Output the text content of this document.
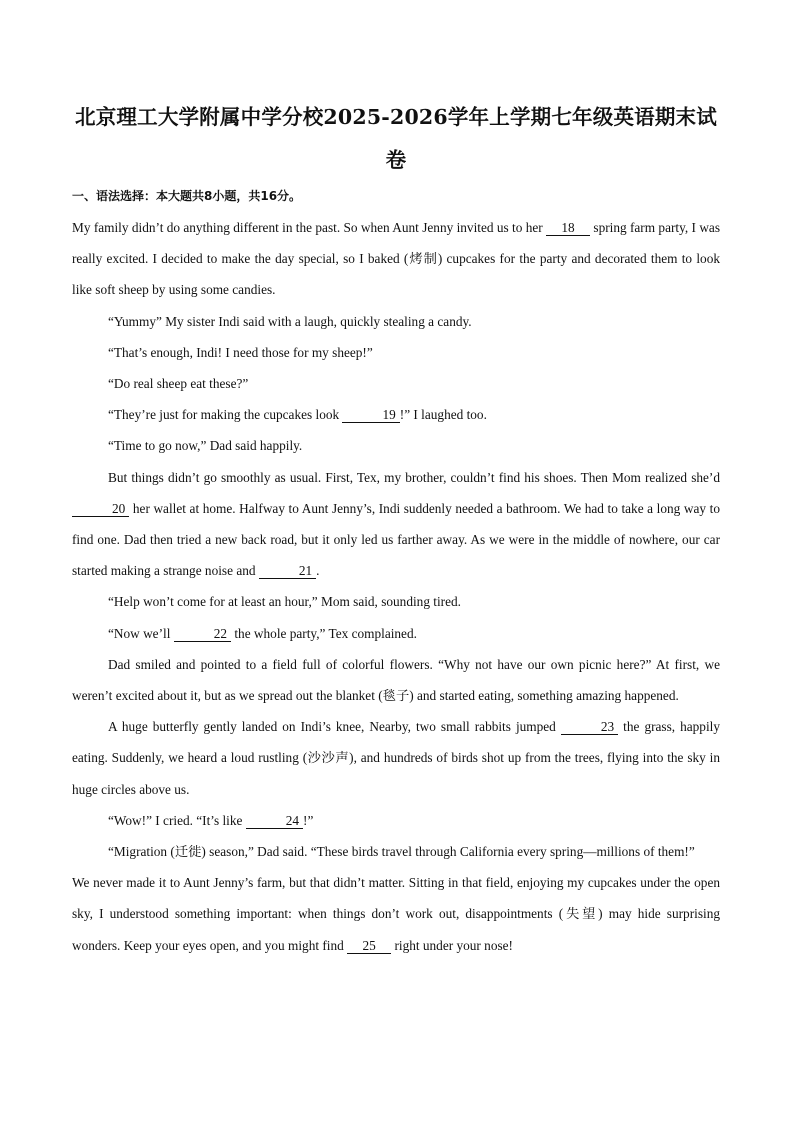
北京理工大学附属中学分校2025-2026学年上学期七年级英语期末试卷
一、语法选择：本大题共8小题，共16分。

My family didn’t do anything different in the past. So when Aunt Jenny invited us to her 18 spring farm party, I was really excited. I decided to make the day special, so I baked (烤制) cupcakes for the party and decorated them to look like soft sheep by using some candies.

“Yummy” My sister Indi said with a laugh, quickly stealing a candy.

“That’s enough, Indi! I need those for my sheep!”

“Do real sheep eat these?”

“They’re just for making the cupcakes look	19 !” I laughed too.

“Time to go now,” Dad said happily.

But things didn’t go smoothly as usual. First, Tex, my brother, couldn’t find his shoes. Then Mom realized she’d 20 her wallet at home. Halfway to Aunt Jenny’s, Indi suddenly needed a bathroom. We had to take a long way to find one. Dad then tried a new back road, but it only led us farther away. As we were in the middle of nowhere, our car started making a strange noise and	21 .

“Help won’t come for at least an hour,” Mom said, sounding tired.

“Now we’ll	22 the whole party,” Tex complained.

Dad smiled and pointed to a field full of colorful flowers. “Why not have our own picnic here?” At first, we weren’t excited about it, but as we spread out the blanket (毯子) and started eating, something amazing happened.

A huge butterfly gently landed on Indi’s knee, Nearby, two small rabbits jumped	23 the grass, happily eating. Suddenly, we heard a loud rustling (沙沙声), and hundreds of birds shot up from the trees, flying into the sky in huge circles above us.

“Wow!” I cried. “It’s like	24 !”

“Migration (迁徙) season,” Dad said. “These birds travel through California every spring—millions of them!”

We never made it to Aunt Jenny’s farm, but that didn’t matter. Sitting in that field, enjoying my cupcakes under the open sky, I understood something important: when things don’t work out, disappointments (失望) may hide surprising wonders. Keep your eyes open, and you might find 25 right under your nose!
